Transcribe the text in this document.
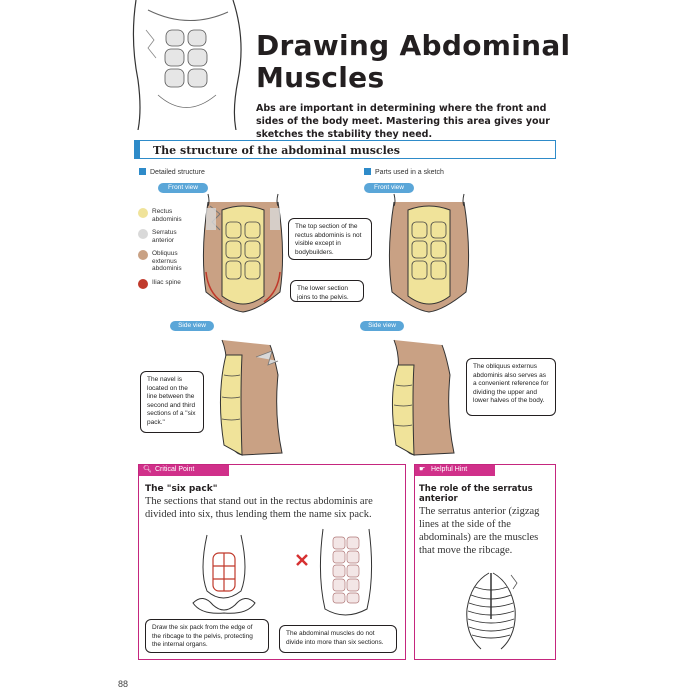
Drawing Abdominal Muscles
Abs are important in determining where the front and sides of the body meet. Mastering this area gives your sketches the stability they need.
The structure of the abdominal muscles
Detailed structure	Parts used in a sketch
Front view	Front view
Side view	Side view
Rectus abdominis
Serratus anterior
Obliquus externus abdominis
Iliac spine
The top section of the rectus abdominis is not visible except in bodybuilders.
The lower section joins to the pelvis.
The navel is located on the line between the second and third sections of a "six pack."
The obliquus externus abdominis also serves as a convenient reference for dividing the upper and lower halves of the body.
🔍︎ Critical Point
The "six pack"
The sections that stand out in the rectus abdominis are divided into six, thus lending them the name six pack.
Draw the six pack from the edge of the ribcage to the pelvis, protecting the internal organs.
The abdominal muscles do not divide into more than six sections.
☛ Helpful Hint
The role of the serratus anterior
The serratus anterior (zigzag lines at the side of the abdominals) are the muscles that move the ribcage.
88
